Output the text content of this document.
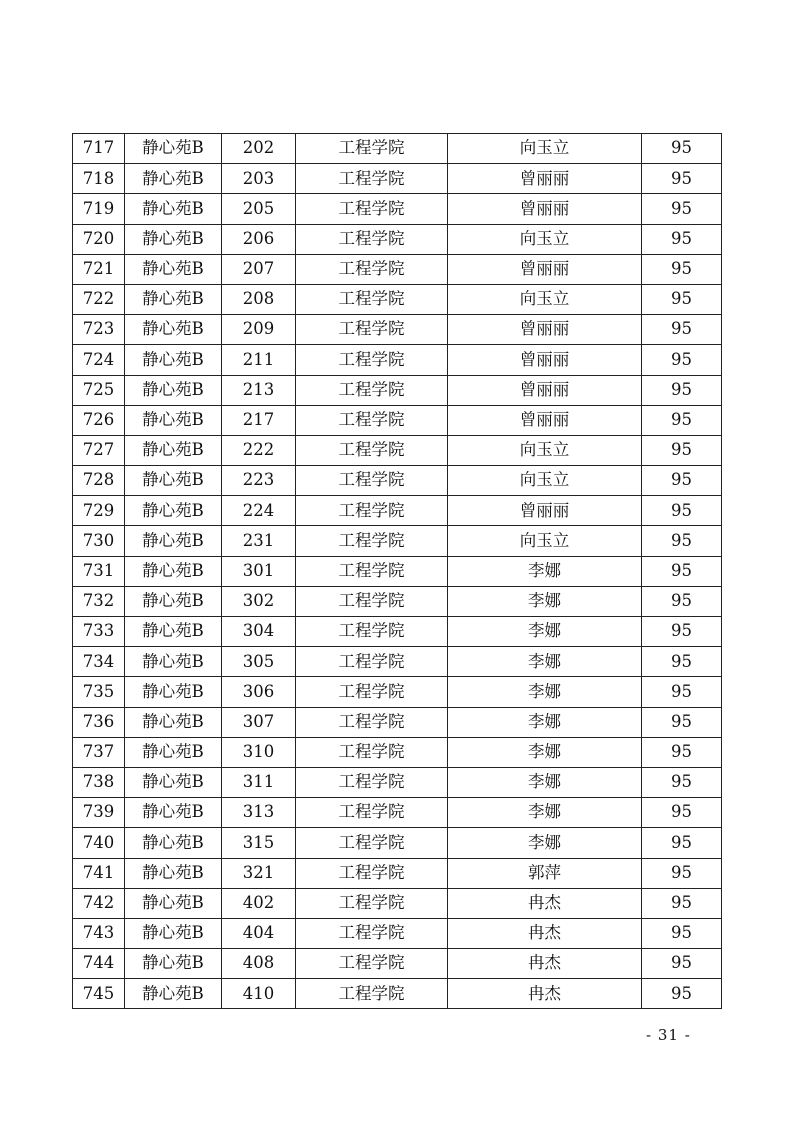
717	静心苑B	202	工程学院	向玉立	95
718	静心苑B	203	工程学院	曾丽丽	95
719	静心苑B	205	工程学院	曾丽丽	95
720	静心苑B	206	工程学院	向玉立	95
721	静心苑B	207	工程学院	曾丽丽	95
722	静心苑B	208	工程学院	向玉立	95
723	静心苑B	209	工程学院	曾丽丽	95
724	静心苑B	211	工程学院	曾丽丽	95
725	静心苑B	213	工程学院	曾丽丽	95
726	静心苑B	217	工程学院	曾丽丽	95
727	静心苑B	222	工程学院	向玉立	95
728	静心苑B	223	工程学院	向玉立	95
729	静心苑B	224	工程学院	曾丽丽	95
730	静心苑B	231	工程学院	向玉立	95
731	静心苑B	301	工程学院	李娜	95
732	静心苑B	302	工程学院	李娜	95
733	静心苑B	304	工程学院	李娜	95
734	静心苑B	305	工程学院	李娜	95
735	静心苑B	306	工程学院	李娜	95
736	静心苑B	307	工程学院	李娜	95
737	静心苑B	310	工程学院	李娜	95
738	静心苑B	311	工程学院	李娜	95
739	静心苑B	313	工程学院	李娜	95
740	静心苑B	315	工程学院	李娜	95
741	静心苑B	321	工程学院	郭萍	95
742	静心苑B	402	工程学院	冉杰	95
743	静心苑B	404	工程学院	冉杰	95
744	静心苑B	408	工程学院	冉杰	95
745	静心苑B	410	工程学院	冉杰	95
- 31 -
